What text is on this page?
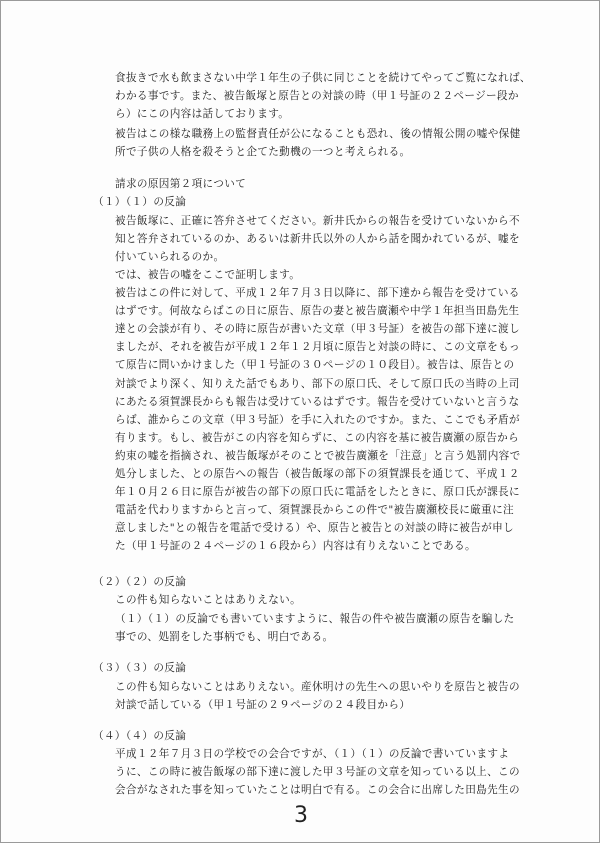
食抜きで水も飲まさない中学１年生の子供に同じことを続けてやってご覧になれば、
わかる事です。また、被告飯塚と原告との対談の時（甲１号証の２２ページー段か
ら）にこの内容は話しております。
被告はこの様な職務上の監督責任が公になることも恐れ、後の情報公開の嘘や保健
所で子供の人格を殺そうと企てた動機の一つと考えられる。
請求の原因第２項について
（１）（１）の反論
被告飯塚に、正確に答弁させてください。新井氏からの報告を受けていないから不
知と答弁されているのか、あるいは新井氏以外の人から話を聞かれているが、嘘を
付いていられるのか。
では、被告の嘘をここで証明します。
被告はこの件に対して、平成１２年７月３日以降に、部下達から報告を受けている
はずです。何故ならばこの日に原告、原告の妻と被告廣瀬や中学１年担当田島先生
達との会談が有り、その時に原告が書いた文章（甲３号証）を被告の部下達に渡し
ましたが、それを被告が平成１２年１２月頃に原告と対談の時に、この文章をもっ
て原告に問いかけました（甲１号証の３０ページの１０段目）。被告は、原告との
対談でより深く、知りえた話でもあり、部下の原口氏、そして原口氏の当時の上司
にあたる須賀課長からも報告は受けているはずです。報告を受けていないと言うな
らば、誰からこの文章（甲３号証）を手に入れたのですか。また、ここでも矛盾が
有ります。もし、被告がこの内容を知らずに、この内容を基に被告廣瀬の原告から
約束の嘘を指摘され、被告飯塚がそのことで被告廣瀬を「注意」と言う処罰内容で
処分しました、との原告への報告（被告飯塚の部下の須賀課長を通じて、平成１２
年１０月２６日に原告が被告の部下の原口氏に電話をしたときに、原口氏が課長に
電話を代わりますからと言って、須賀課長からこの件で"被告廣瀬校長に厳重に注
意しました"との報告を電話で受ける）や、原告と被告との対談の時に被告が申し
た（甲１号証の２４ページの１６段から）内容は有りえないことである。
（２）（２）の反論
この件も知らないことはありえない。
（１）（１）の反論でも書いていますように、報告の件や被告廣瀬の原告を騙した
事での、処罰をした事柄でも、明白である。
（３）（３）の反論
この件も知らないことはありえない。産休明けの先生への思いやりを原告と被告の
対談で話している（甲１号証の２９ページの２４段目から）
（４）（４）の反論
平成１２年７月３日の学校での会合ですが、（１）（１）の反論で書いていますよ
うに、この時に被告飯塚の部下達に渡した甲３号証の文章を知っている以上、この
会合がなされた事を知っていたことは明白で有る。この会合に出席した田島先生の
3
